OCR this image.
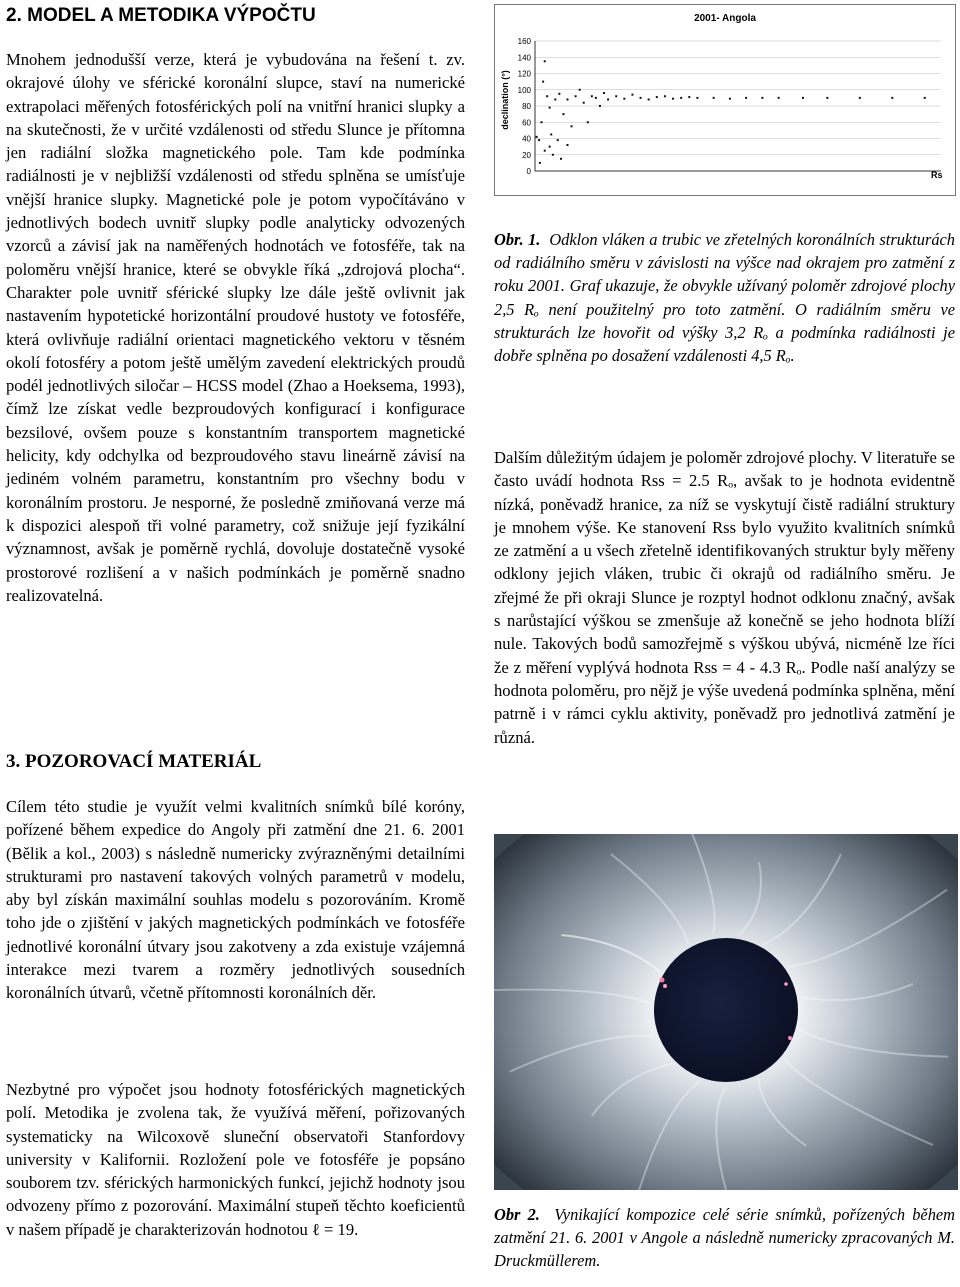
2. MODEL A METODIKA VÝPOČTU

Mnohem jednodušší verze, která je vybudována na řešení t. zv. okrajové úlohy ve sférické koronální slupce, staví na numerické extrapolaci měřených fotosférických polí na vnitřní hranici slupky a na skutečnosti, že v určité vzdálenosti od středu Slunce je přítomna jen radiální složka magnetického pole. Tam kde podmínka radiálnosti je v nejbližší vzdálenosti od středu splněna se umísťuje vnější hranice slupky. Magnetické pole je potom vypočítáváno v jednotlivých bodech uvnitř slupky podle analyticky odvozených vzorců a závisí jak na naměřených hodnotách ve fotosféře, tak na poloměru vnější hranice, které se obvykle říká „zdrojová plocha“. Charakter pole uvnitř sférické slupky lze dále ještě ovlivnit jak nastavením hypotetické horizontální proudové hustoty ve fotosféře, která ovlivňuje radiální orientaci magnetického vektoru v těsném okolí fotosféry a potom ještě umělým zavedení elektrických proudů podél jednotlivých siločar – HCSS model (Zhao a Hoeksema, 1993), čímž lze získat vedle bezproudových konfigurací i konfigurace bezsilové, ovšem pouze s konstantním transportem magnetické helicity, kdy odchylka od bezproudového stavu lineárně závisí na jediném volném parametru, konstantním pro všechny bodu v koronálním prostoru. Je nesporné, že posledně zmiňovaná verze má k dispozici alespoň tři volné parametry, což snižuje její fyzikální významnost, avšak je poměrně rychlá, dovoluje dostatečně vysoké prostorové rozlišení a v našich podmínkách je poměrně snadno realizovatelná.

3. POZOROVACÍ MATERIÁL

Cílem této studie je využít velmi kvalitních snímků bílé koróny, pořízené během expedice do Angoly při zatmění dne 21. 6. 2001 (Bělik a kol., 2003) s následně numericky zvýrazněnými detailními strukturami pro nastavení takových volných parametrů v modelu, aby byl získán maximální souhlas modelu s pozorováním. Kromě toho jde o zjištění v jakých magnetických podmínkách ve fotosféře jednotlivé koronální útvary jsou zakotveny a zda existuje vzájemná interakce mezi tvarem a rozměry jednotlivých sousedních koronálních útvarů, včetně přítomnosti koronálních děr.

Nezbytné pro výpočet jsou hodnoty fotosférických magnetických polí. Metodika je zvolena tak, že využívá měření, pořizovaných systematicky na Wilcoxově sluneční observatoři Stanfordovy university v Kalifornii. Rozložení pole ve fotosféře je popsáno souborem tzv. sférických harmonických funkcí, jejichž hodnoty jsou odvozeny přímo z pozorování. Maximální stupeň těchto koeficientů v našem případě je charakterizován hodnotou ℓ = 19.

2001- Angola
declination (°)
Rs
0
20
40
60
80
100
120
140
160

Obr. 1. Odklon vláken a trubic ve zřetelných koronálních strukturách od radiálního směru v závislosti na výšce nad okrajem pro zatmění z roku 2001. Graf ukazuje, že obvykle užívaný poloměr zdrojové plochy 2,5 Rₒ není použitelný pro toto zatmění. O radiálním směru ve strukturách lze hovořit od výšky 3,2 Rₒ a podmínka radiálnosti je dobře splněna po dosažení vzdálenosti 4,5 Rₒ.

Dalším důležitým údajem je poloměr zdrojové plochy. V literatuře se často uvádí hodnota Rss = 2.5 Rₒ, avšak to je hodnota evidentně nízká, poněvadž hranice, za níž se vyskytují čistě radiální struktury je mnohem výše. Ke stanovení Rss bylo využito kvalitních snímků ze zatmění a u všech zřetelně identifikovaných struktur byly měřeny odklony jejich vláken, trubic či okrajů od radiálního směru. Je zřejmé že při okraji Slunce je rozptyl hodnot odklonu značný, avšak s narůstající výškou se zmenšuje až konečně se jeho hodnota blíží nule. Takových bodů samozřejmě s výškou ubývá, nicméně lze říci že z měření vyplývá hodnota Rss = 4 - 4.3 Rₒ. Podle naší analýzy se hodnota poloměru, pro nějž je výše uvedená podmínka splněna, mění patrně i v rámci cyklu aktivity, poněvadž pro jednotlivá zatmění je různá.

Obr 2. Vynikající kompozice celé série snímků, pořízených během zatmění 21. 6. 2001 v Angole a následně numericky zpracovaných M. Druckmüllerem.
